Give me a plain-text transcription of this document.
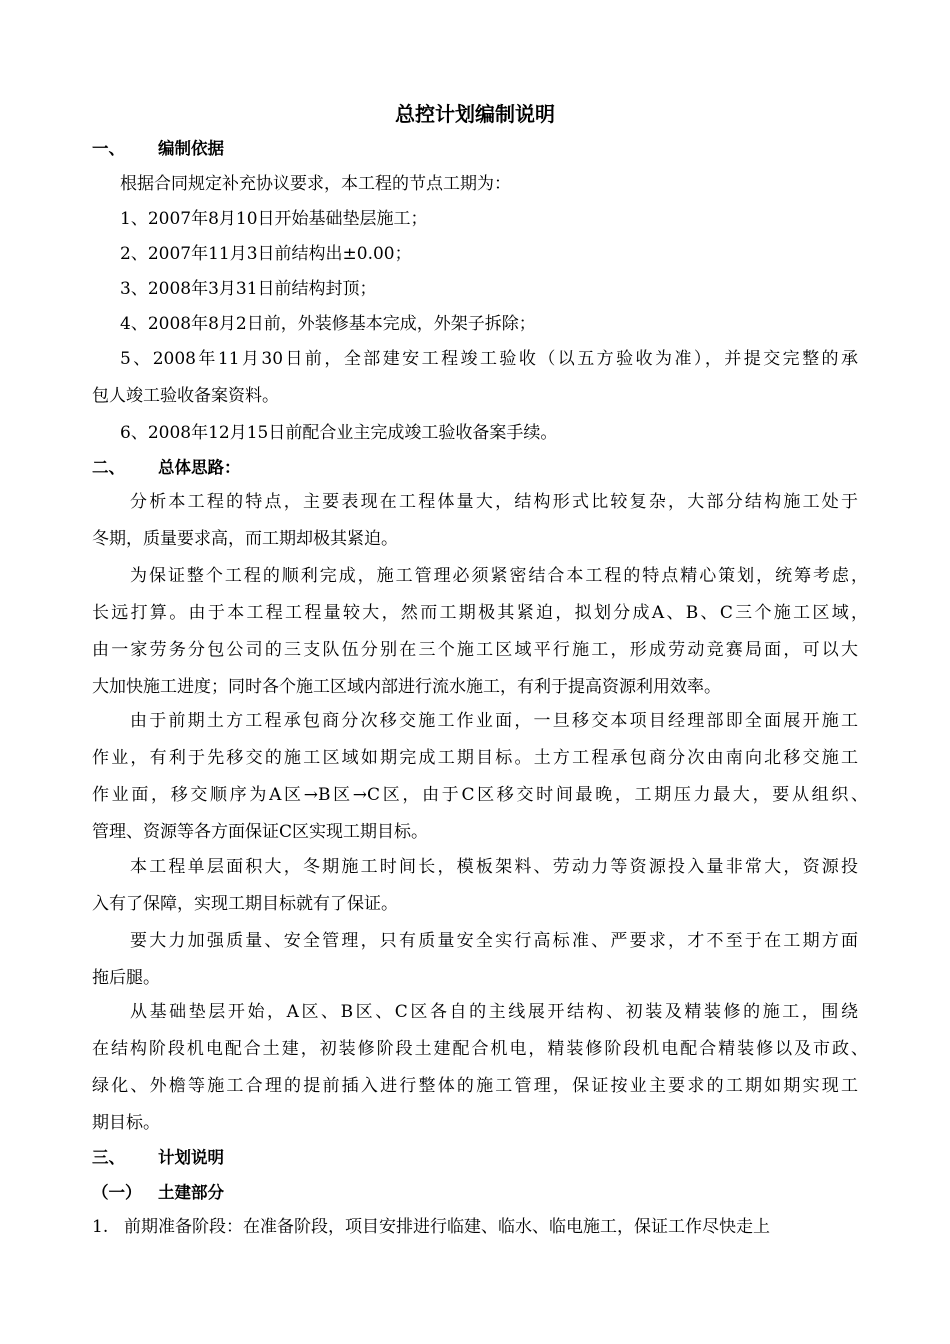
总控计划编制说明
一、 编制依据
根据合同规定补充协议要求，本工程的节点工期为：
1、2007年8月10日开始基础垫层施工；
2、2007年11月3日前结构出±0.00；
3、2008年3月31日前结构封顶；
4、2008年8月2日前，外装修基本完成，外架子拆除；
5、2008年11月30日前，全部建安工程竣工验收（以五方验收为准），并提交完整的承
包人竣工验收备案资料。
6、2008年12月15日前配合业主完成竣工验收备案手续。
二、 总体思路：
分析本工程的特点，主要表现在工程体量大，结构形式比较复杂，大部分结构施工处于
冬期，质量要求高，而工期却极其紧迫。
为保证整个工程的顺利完成，施工管理必须紧密结合本工程的特点精心策划，统筹考虑，
长远打算。由于本工程工程量较大，然而工期极其紧迫，拟划分成A、B、C三个施工区域，
由一家劳务分包公司的三支队伍分别在三个施工区域平行施工，形成劳动竞赛局面，可以大
大加快施工进度；同时各个施工区域内部进行流水施工，有利于提高资源利用效率。
由于前期土方工程承包商分次移交施工作业面，一旦移交本项目经理部即全面展开施工
作业，有利于先移交的施工区域如期完成工期目标。土方工程承包商分次由南向北移交施工
作业面，移交顺序为A区→B区→C区，由于C区移交时间最晚，工期压力最大，要从组织、
管理、资源等各方面保证C区实现工期目标。
本工程单层面积大，冬期施工时间长，模板架料、劳动力等资源投入量非常大，资源投
入有了保障，实现工期目标就有了保证。
要大力加强质量、安全管理，只有质量安全实行高标准、严要求，才不至于在工期方面
拖后腿。
从基础垫层开始，A区、B区、C区各自的主线展开结构、初装及精装修的施工，围绕
在结构阶段机电配合土建，初装修阶段土建配合机电，精装修阶段机电配合精装修以及市政、
绿化、外檐等施工合理的提前插入进行整体的施工管理，保证按业主要求的工期如期实现工
期目标。
三、 计划说明
（一） 土建部分
1. 前期准备阶段：在准备阶段，项目安排进行临建、临水、临电施工，保证工作尽快走上
